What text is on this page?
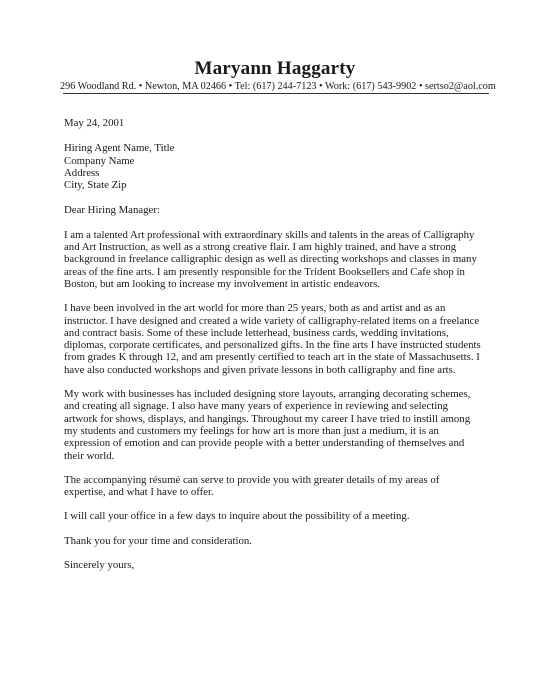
Maryann Haggarty
296 Woodland Rd. • Newton, MA 02466 • Tel: (617) 244-7123 • Work: (617) 543-9902 • sertso2@aol.com

May 24, 2001

Hiring Agent Name, Title

Company Name

Address

City, State Zip

Dear Hiring Manager:

I am a talented Art professional with extraordinary skills and talents in the areas of Calligraphy and Art Instruction, as well as a strong creative flair. I am highly trained, and have a strong background in freelance calligraphic design as well as directing workshops and classes in many areas of the fine arts. I am presently responsible for the Trident Booksellers and Cafe shop in Boston, but am looking to increase my involvement in artistic endeavors.

I have been involved in the art world for more than 25 years, both as and artist and as an instructor. I have designed and created a wide variety of calligraphy-related items on a freelance and contract basis. Some of these include letterhead, business cards, wedding invitations, diplomas, corporate certificates, and personalized gifts. In the fine arts I have instructed students from grades K through 12, and am presently certified to teach art in the state of Massachusetts. I have also conducted workshops and given private lessons in both calligraphy and fine arts.

My work with businesses has included designing store layouts, arranging decorating schemes, and creating all signage. I also have many years of experience in reviewing and selecting artwork for shows, displays, and hangings. Throughout my career I have tried to instill among my students and customers my feelings for how art is more than just a medium, it is an expression of emotion and can provide people with a better understanding of themselves and their world.

The accompanying résumé can serve to provide you with greater details of my areas of expertise, and what I have to offer.

I will call your office in a few days to inquire about the possibility of a meeting.

Thank you for your time and consideration.

Sincerely yours,
